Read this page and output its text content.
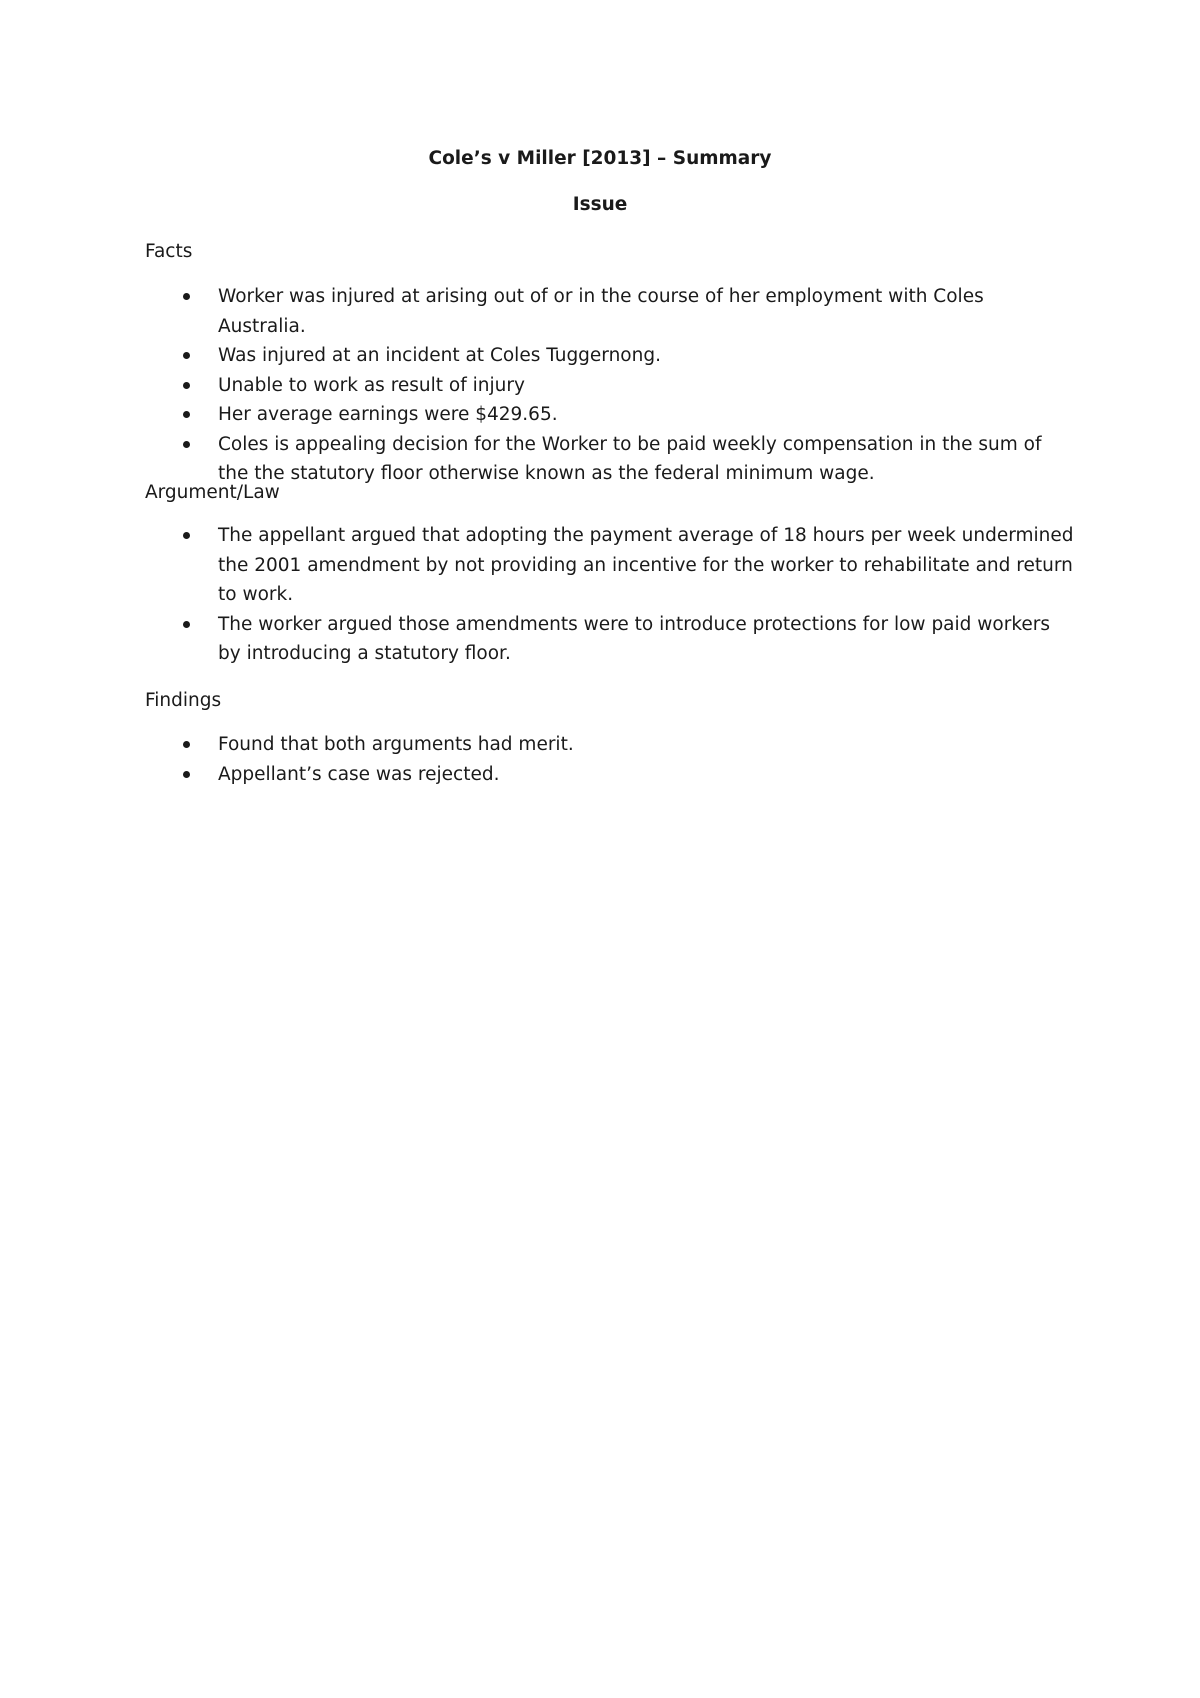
Cole’s v Miller [2013] – Summary
Issue

Facts

Worker was injured at arising out of or in the course of her employment with Coles Australia.
Was injured at an incident at Coles Tuggernong.
Unable to work as result of injury
Her average earnings were $429.65.
Coles is appealing decision for the Worker to be paid weekly compensation in the sum of the the statutory floor otherwise known as the federal minimum wage.

Argument/Law

The appellant argued that adopting the payment average of 18 hours per week undermined the 2001 amendment by not providing an incentive for the worker to rehabilitate and return to work.
The worker argued those amendments were to introduce protections for low paid workers by introducing a statutory floor.

Findings

Found that both arguments had merit.
Appellant’s case was rejected.
